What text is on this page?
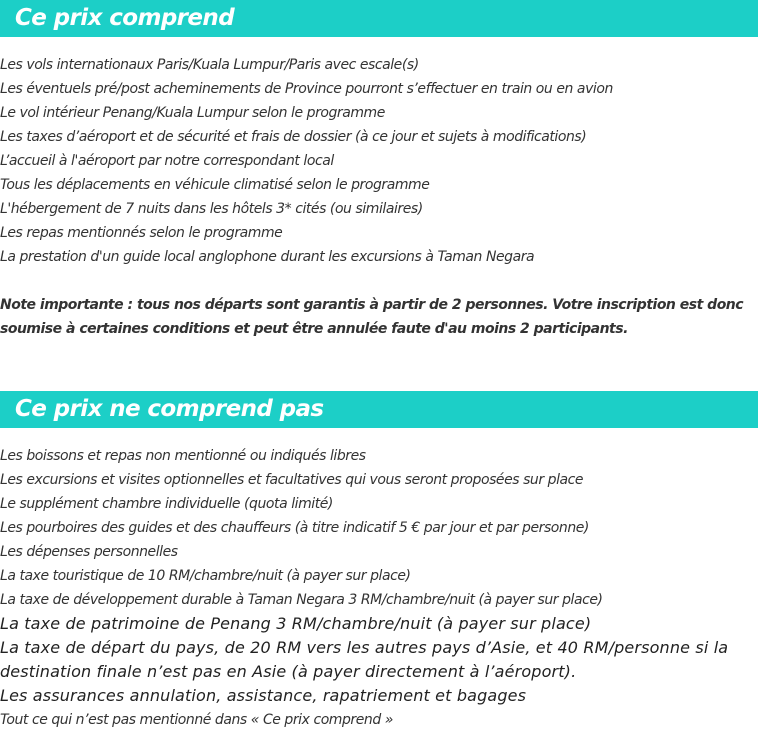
Ce prix comprend
Les vols internationaux Paris/Kuala Lumpur/Paris avec escale(s)
Les éventuels pré/post acheminements de Province pourront s’effectuer en train ou en avion
Le vol intérieur Penang/Kuala Lumpur selon le programme
Les taxes d’aéroport et de sécurité et frais de dossier (à ce jour et sujets à modifications)
L’accueil à l'aéroport par notre correspondant local
Tous les déplacements en véhicule climatisé selon le programme
L'hébergement de 7 nuits dans les hôtels 3* cités (ou similaires)
Les repas mentionnés selon le programme
La prestation d'un guide local anglophone durant les excursions à Taman Negara

Note importante : tous nos départs sont garantis à partir de 2 personnes. Votre inscription est donc soumise à certaines conditions et peut être annulée faute d'au moins 2 participants.

Ce prix ne comprend pas
Les boissons et repas non mentionné ou indiqués libres
Les excursions et visites optionnelles et facultatives qui vous seront proposées sur place
Le supplément chambre individuelle (quota limité)
Les pourboires des guides et des chauffeurs (à titre indicatif 5 € par jour et par personne)
Les dépenses personnelles
La taxe touristique de 10 RM/chambre/nuit (à payer sur place)
La taxe de développement durable à Taman Negara 3 RM/chambre/nuit (à payer sur place)
La taxe de patrimoine de Penang 3 RM/chambre/nuit (à payer sur place)
La taxe de départ du pays, de 20 RM vers les autres pays d’Asie, et 40 RM/personne si la destination finale n’est pas en Asie (à payer directement à l’aéroport).
Les assurances annulation, assistance, rapatriement et bagages
Tout ce qui n’est pas mentionné dans « Ce prix comprend »
